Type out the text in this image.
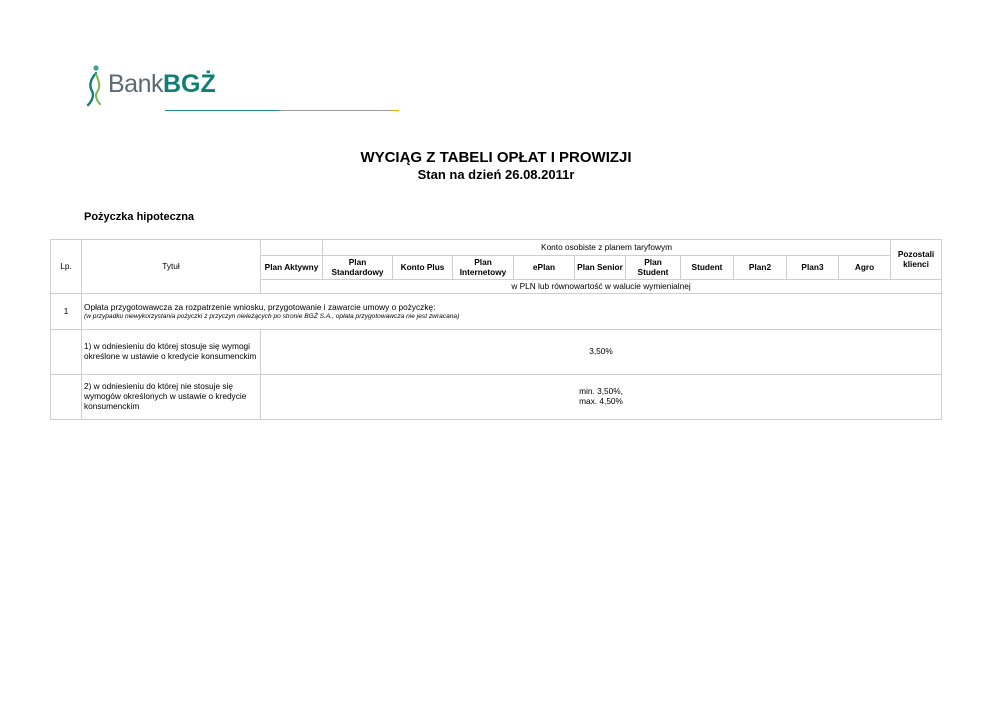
BankBGŻ
WYCIĄG Z TABELI OPŁAT I PROWIZJI
Stan na dzień 26.08.2011r
Pożyczka hipoteczna
Lp.	Tytuł		Konto osobiste z planem taryfowym										Pozostali klienci
		Plan Aktywny	Plan Standardowy	Konto Plus	Plan Internetowy	ePlan	Plan Senior	Plan Student	Student	Plan2	Plan3	Agro	
		w PLN lub równowartość w walucie wymienialnej											
1	Opłata przygotowawcza za rozpatrzenie wniosku, przygotowanie i zawarcie umowy o pożyczkę:
(w przypadku niewykorzystania pożyczki z przyczyn nieleżących po stronie BGŻ S.A., opłata przygotowawcza nie jest zwracana)												

	1) w odniesieniu do której stosuje się wymogi określone w ustawie o kredycie konsumenckim	3,50%											
	2) w odniesieniu do której nie stosuje się wymogów określonych w ustawie o kredycie konsumenckim	min. 3,50%,
max. 4,50%											
